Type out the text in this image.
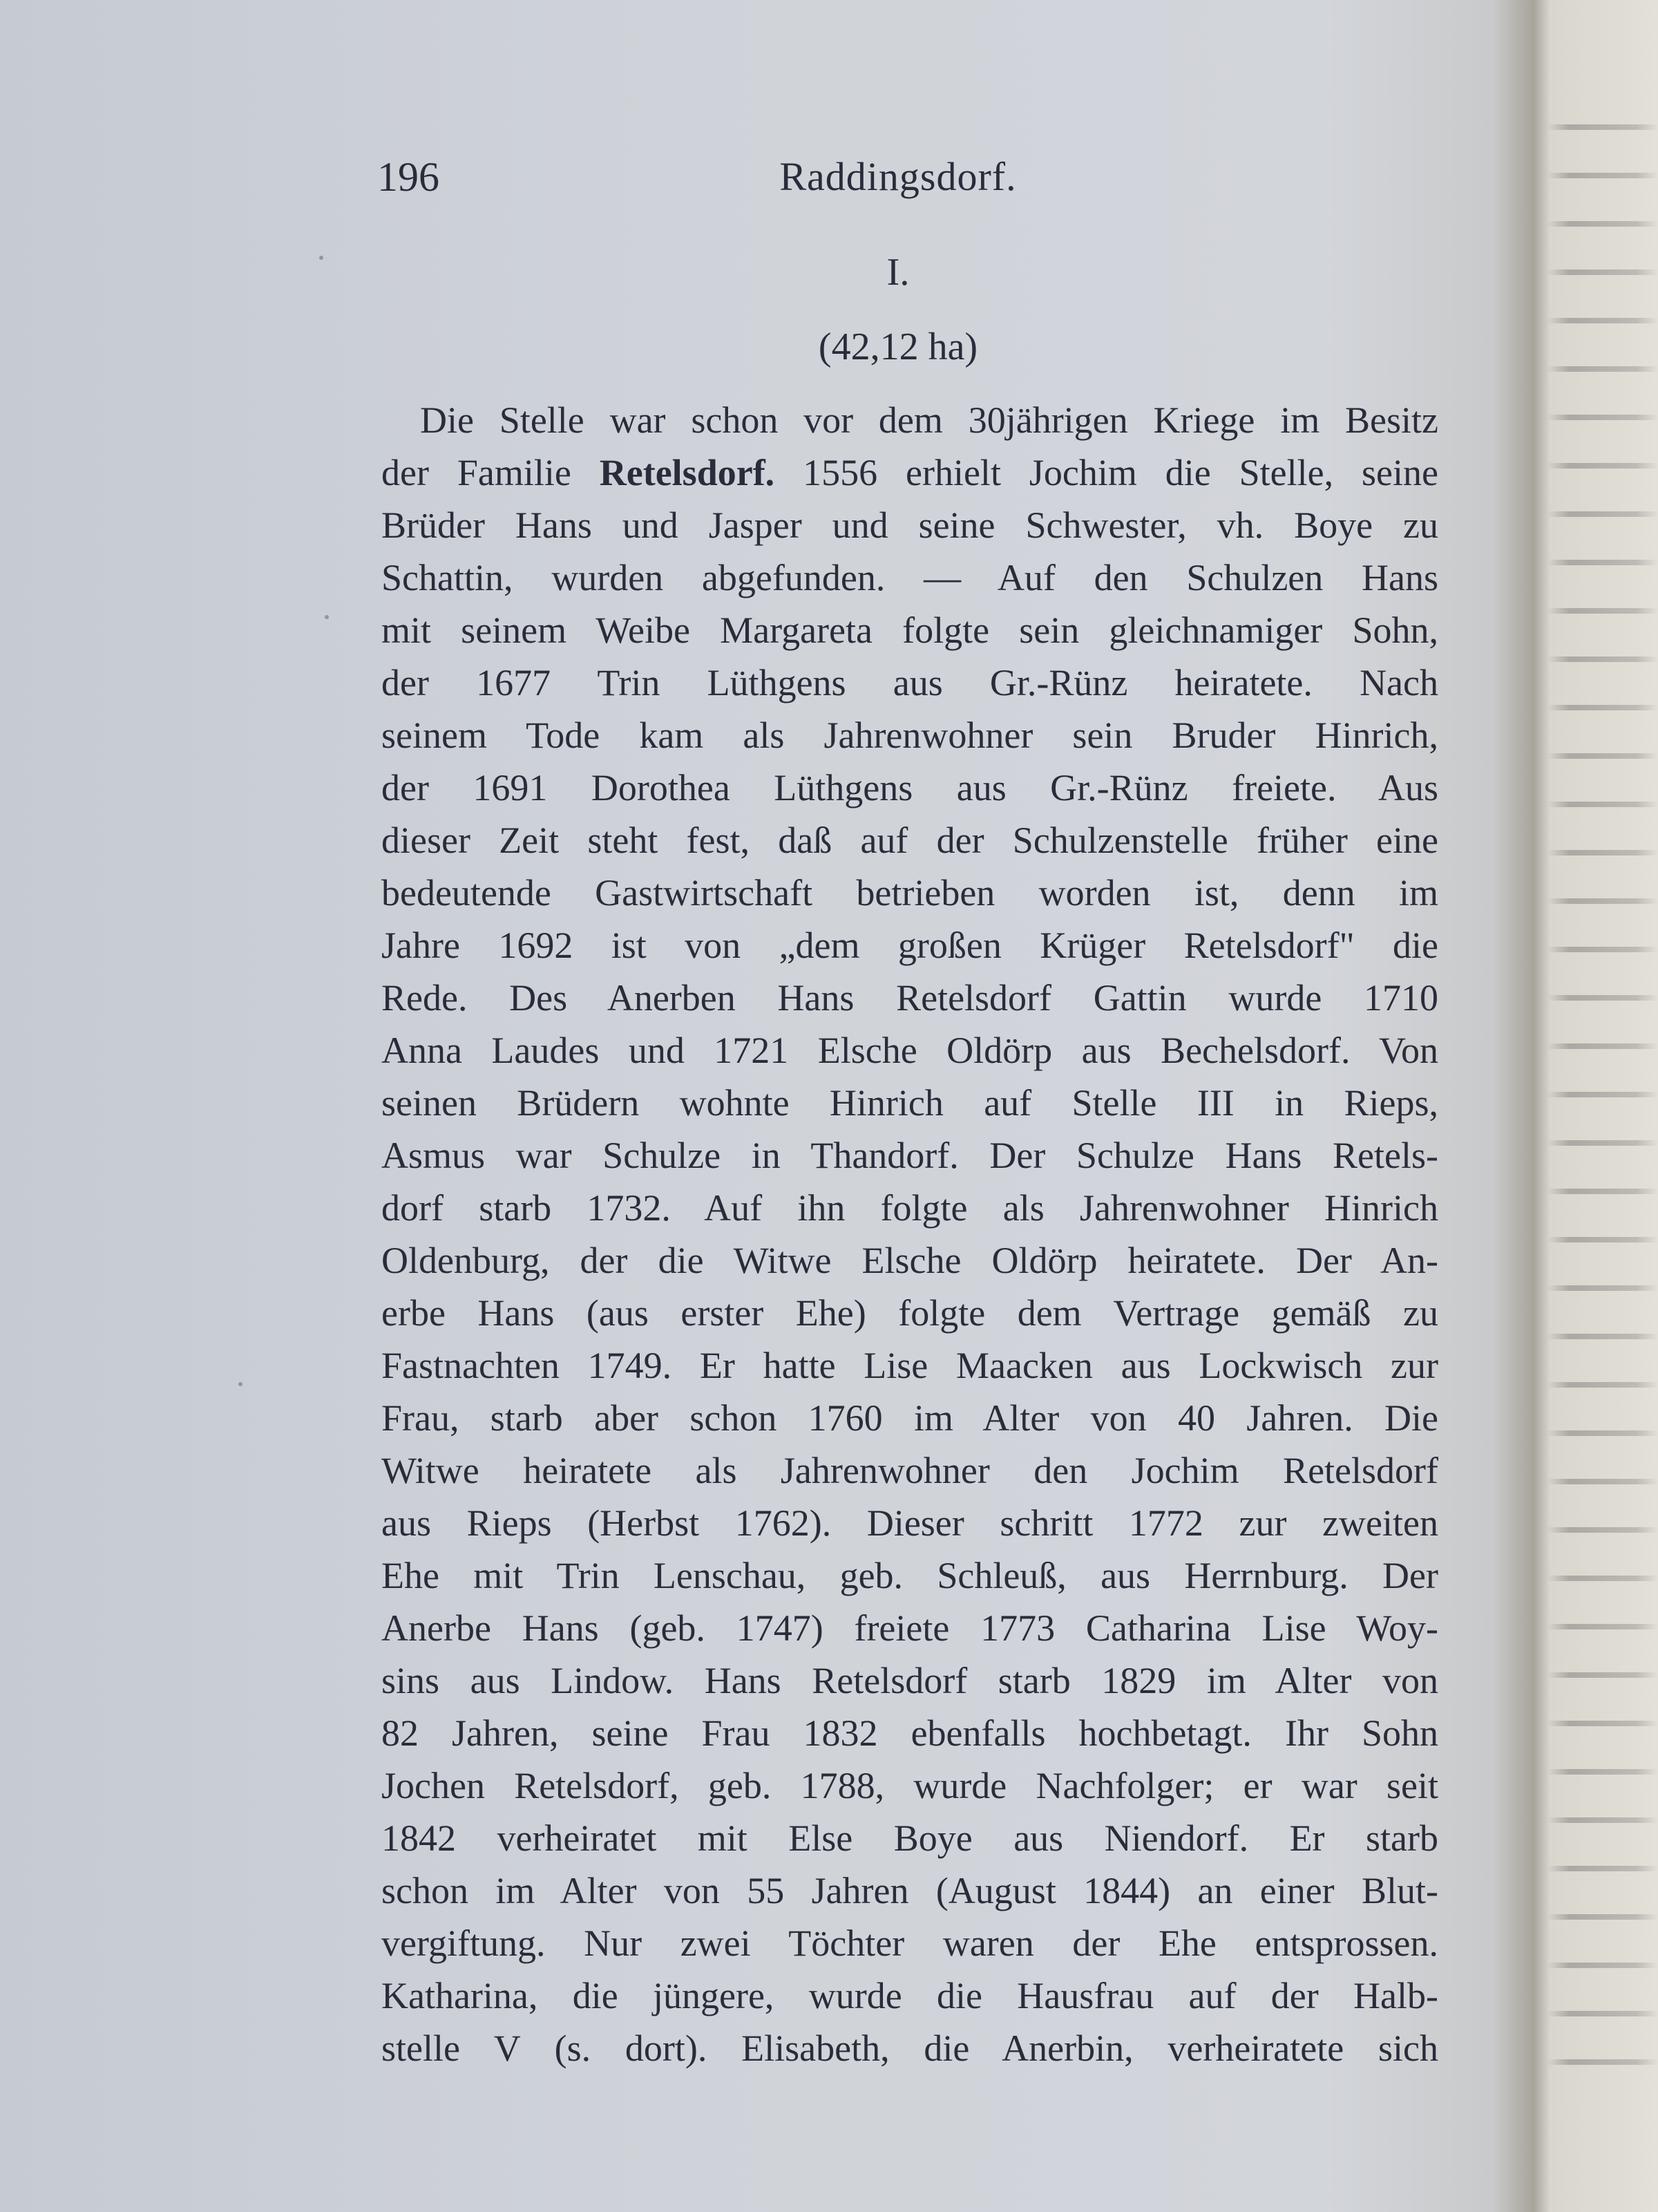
196	Raddingsdorf.
I.
(42,12 ha)
Die Stelle war schon vor dem 30jährigen Kriege im Besitz
der Familie Retelsdorf. 1556 erhielt Jochim die Stelle, seine
Brüder Hans und Jasper und seine Schwester, vh. Boye zu
Schattin, wurden abgefunden. — Auf den Schulzen Hans
mit seinem Weibe Margareta folgte sein gleichnamiger Sohn,
der 1677 Trin Lüthgens aus Gr.-Rünz heiratete. Nach
seinem Tode kam als Jahrenwohner sein Bruder Hinrich,
der 1691 Dorothea Lüthgens aus Gr.-Rünz freiete. Aus
dieser Zeit steht fest, daß auf der Schulzenstelle früher eine
bedeutende Gastwirtschaft betrieben worden ist, denn im
Jahre 1692 ist von „dem großen Krüger Retelsdorf" die
Rede. Des Anerben Hans Retelsdorf Gattin wurde 1710
Anna Laudes und 1721 Elsche Oldörp aus Bechelsdorf. Von
seinen Brüdern wohnte Hinrich auf Stelle III in Rieps,
Asmus war Schulze in Thandorf. Der Schulze Hans Retels-
dorf starb 1732. Auf ihn folgte als Jahrenwohner Hinrich
Oldenburg, der die Witwe Elsche Oldörp heiratete. Der An-
erbe Hans (aus erster Ehe) folgte dem Vertrage gemäß zu
Fastnachten 1749. Er hatte Lise Maacken aus Lockwisch zur
Frau, starb aber schon 1760 im Alter von 40 Jahren. Die
Witwe heiratete als Jahrenwohner den Jochim Retelsdorf
aus Rieps (Herbst 1762). Dieser schritt 1772 zur zweiten
Ehe mit Trin Lenschau, geb. Schleuß, aus Herrnburg. Der
Anerbe Hans (geb. 1747) freiete 1773 Catharina Lise Woy-
sins aus Lindow. Hans Retelsdorf starb 1829 im Alter von
82 Jahren, seine Frau 1832 ebenfalls hochbetagt. Ihr Sohn
Jochen Retelsdorf, geb. 1788, wurde Nachfolger; er war seit
1842 verheiratet mit Else Boye aus Niendorf. Er starb
schon im Alter von 55 Jahren (August 1844) an einer Blut-
vergiftung. Nur zwei Töchter waren der Ehe entsprossen.
Katharina, die jüngere, wurde die Hausfrau auf der Halb-
stelle V (s. dort). Elisabeth, die Anerbin, verheiratete sich
